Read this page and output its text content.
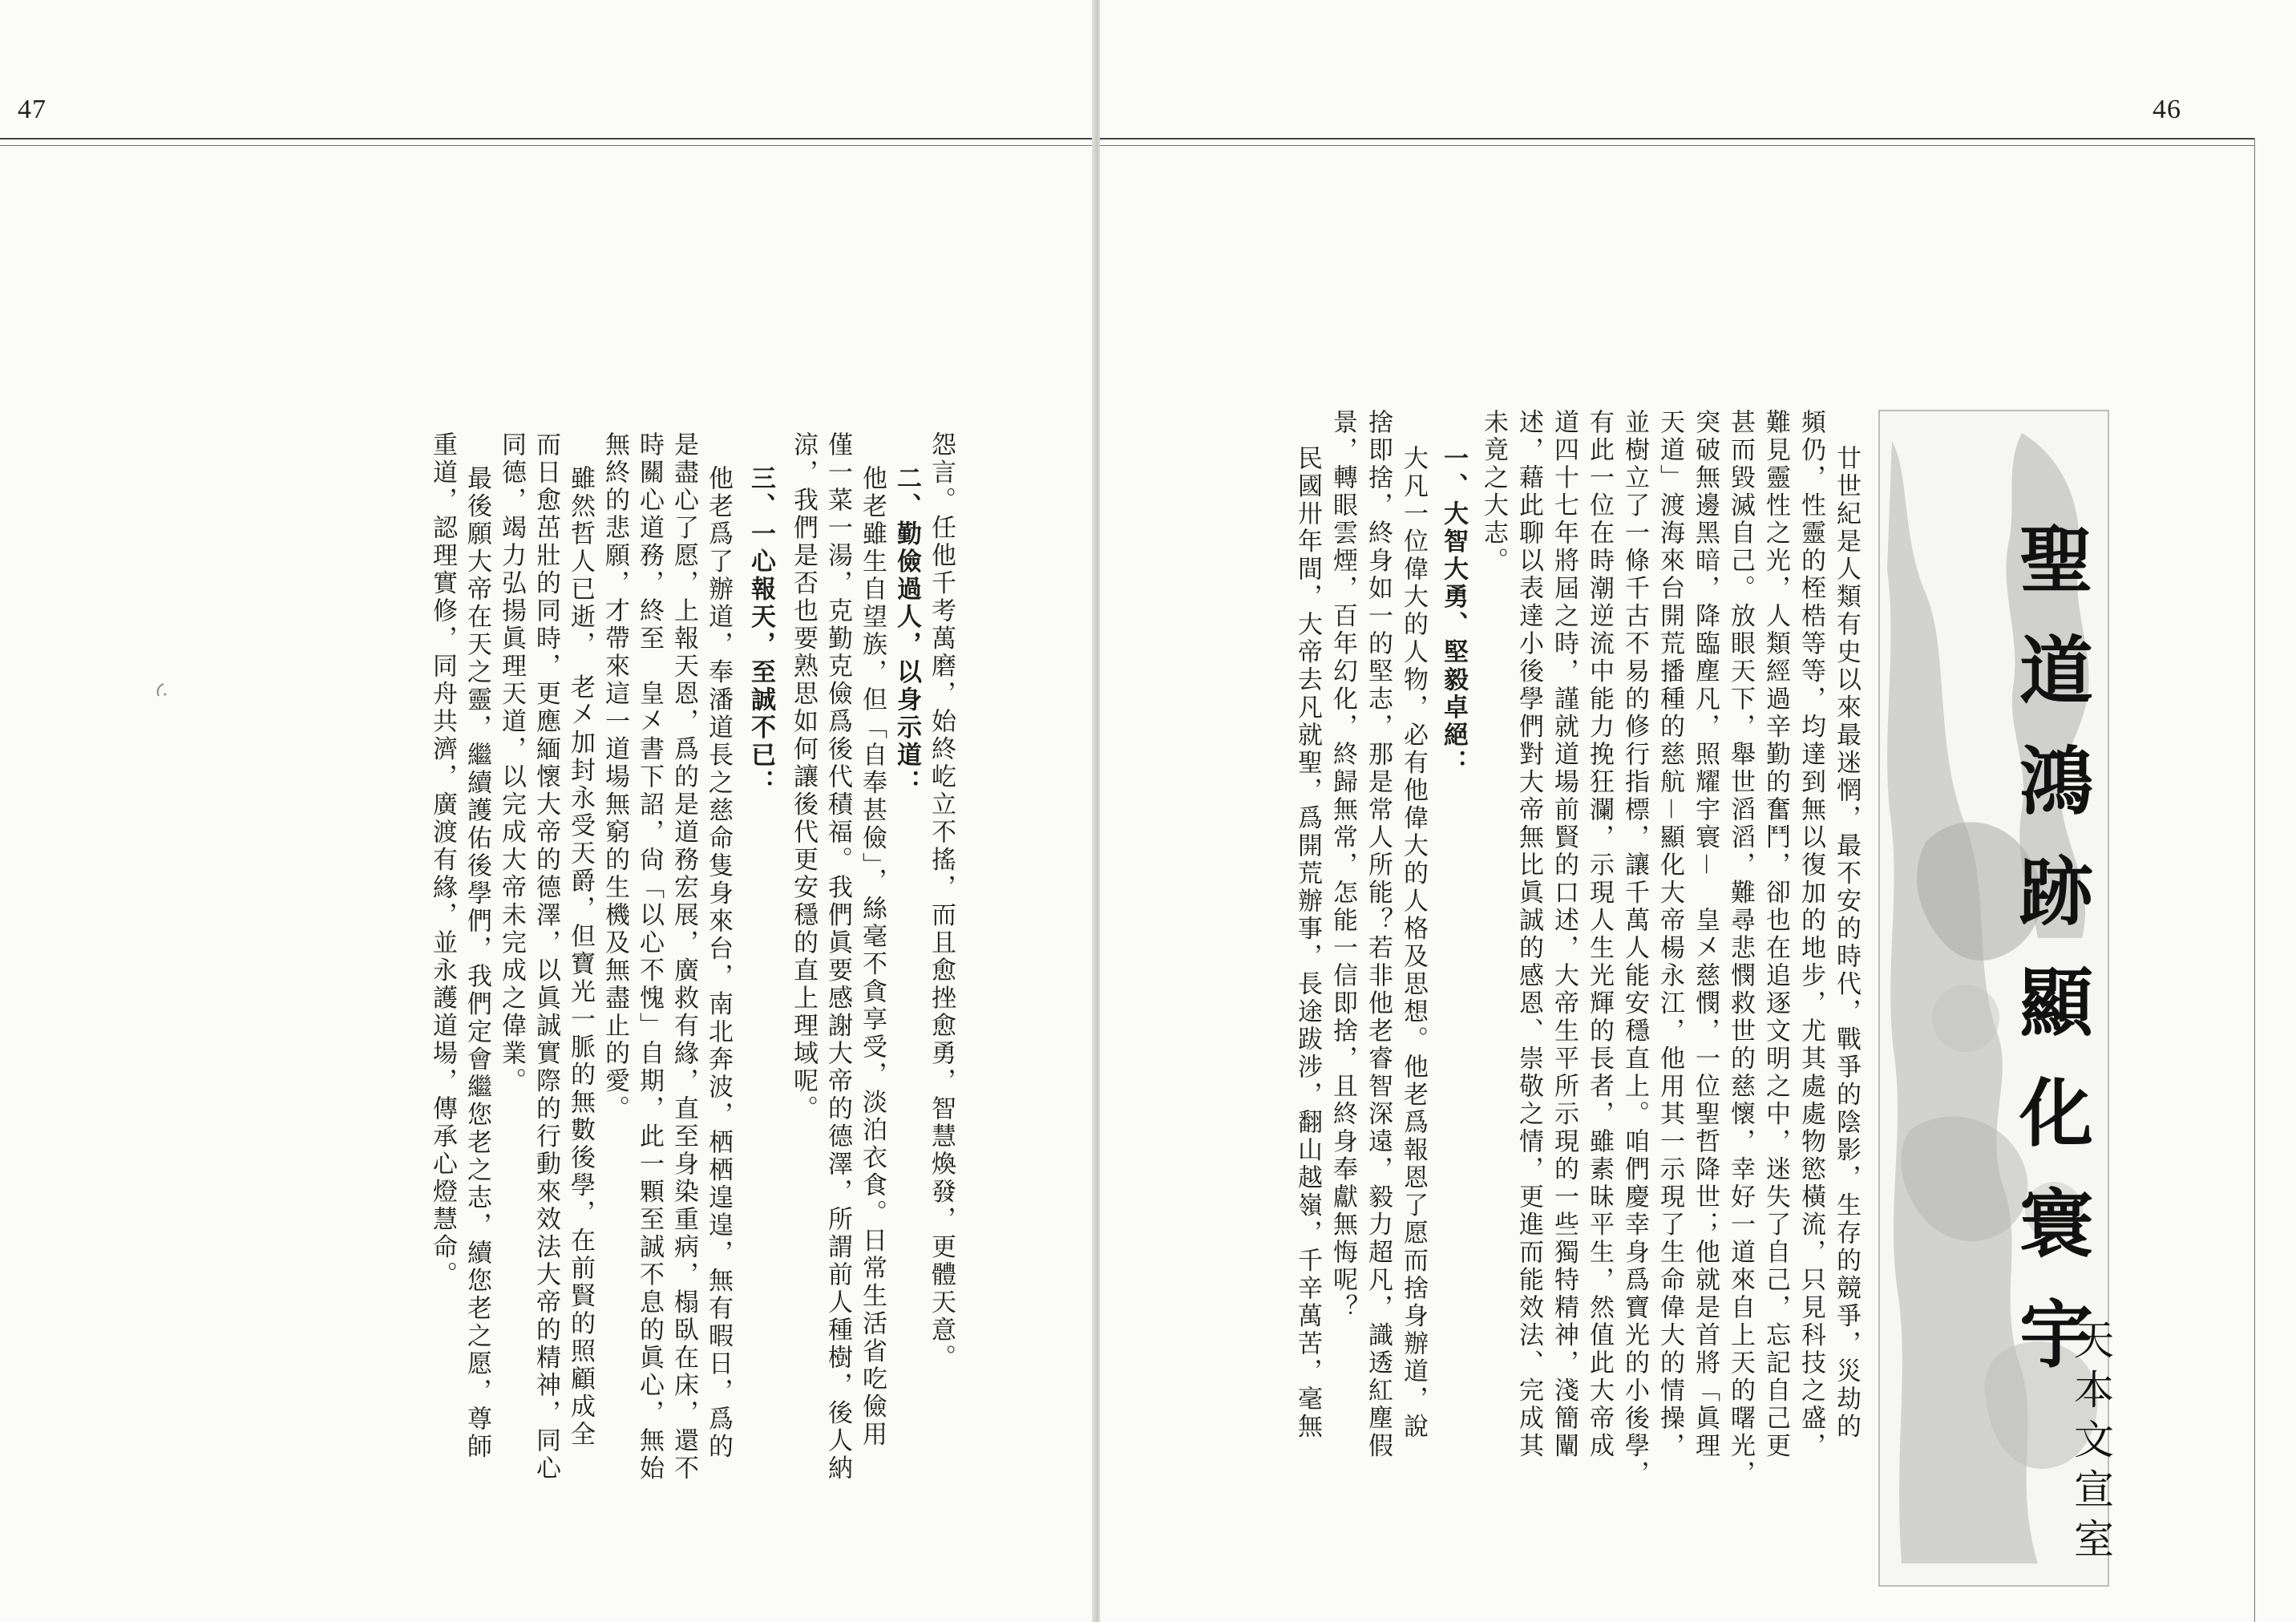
47
怨言。任他千考萬磨，始終屹立不搖，而且愈挫愈勇，智慧煥發，更體天意。
二、勤儉過人，以身示道：
他老雖生自望族，但「自奉甚儉」，絲毫不貪享受，淡泊衣食。日常生活省吃儉用
僅一菜一湯，克勤克儉爲後代積福。我們眞要感謝大帝的德澤，所謂前人種樹，後人納
涼，我們是否也要熟思如何讓後代更安穩的直上理域呢。
三、一心報天，至誠不已：
他老爲了辦道，奉潘道長之慈命隻身來台，南北奔波，栖栖遑遑，無有暇日，爲的
是盡心了愿，上報天恩，爲的是道務宏展，廣救有緣，直至身染重病，榻臥在床，還不
時關心道務，終至　皇㐅書下詔，尙「以心不愧」自期，此一顆至誠不息的眞心，無始
無終的悲願，才帶來這一道場無窮的生機及無盡止的愛。
雖然哲人已逝，　老㐅加封永受天爵，但寶光一脈的無數後學，在前賢的照顧成全
而日愈茁壯的同時，更應緬懷大帝的德澤，以眞誠實際的行動來效法大帝的精神，同心
同德，竭力弘揚眞理天道，以完成大帝未完成之偉業。
最後願大帝在天之靈，繼續護佑後學們，我們定會繼您老之志，續您老之愿，尊師
重道，認理實修，同舟共濟，廣渡有緣，並永護道場，傳承心燈慧命。
46
聖道鴻跡顯化寰宇
天本文宣室
廿世紀是人類有史以來最迷惘，最不安的時代，戰爭的陰影，生存的競爭，災劫的
頻仍，性靈的桎梏等等，均達到無以復加的地步，尤其處處物慾橫流，只見科技之盛，
難見靈性之光，人類經過辛勤的奮鬥，卻也在追逐文明之中，迷失了自己，忘記自己更
甚而毀滅自己。放眼天下，舉世滔滔，難尋悲憫救世的慈懷，幸好一道來自上天的曙光，
突破無邊黑暗，降臨塵凡，照耀宇寰－　皇㐅慈憫，一位聖哲降世；他就是首將「眞理
天道」渡海來台開荒播種的慈航－顯化大帝楊永江，他用其一示現了生命偉大的情操，
並樹立了一條千古不易的修行指標，讓千萬人能安穩直上。咱們慶幸身爲寶光的小後學，
有此一位在時潮逆流中能力挽狂瀾，示現人生光輝的長者，雖素昧平生，然值此大帝成
道四十七年將屆之時，謹就道場前賢的口述，大帝生平所示現的一些獨特精神，淺簡闡
述，藉此聊以表達小後學們對大帝無比眞誠的感恩、崇敬之情，更進而能效法、完成其
未竟之大志。
一、大智大勇、堅毅卓絕：
大凡一位偉大的人物，必有他偉大的人格及思想。他老爲報恩了愿而捨身辦道，說
捨即捨，終身如一的堅志，那是常人所能？若非他老睿智深遠，毅力超凡，識透紅塵假
景，轉眼雲煙，百年幻化，終歸無常，怎能一信即捨，且終身奉獻無悔呢？
民國卅年間，大帝去凡就聖，爲開荒辦事，長途跋涉，翻山越嶺，千辛萬苦，毫無
